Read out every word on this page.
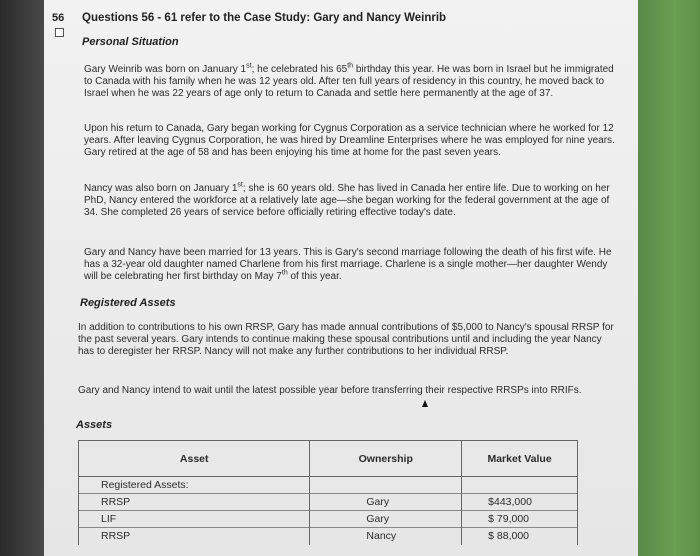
56 Questions 56 - 61 refer to the Case Study: Gary and Nancy Weinrib
Personal Situation
Gary Weinrib was born on January 1st; he celebrated his 65th birthday this year. He was born in Israel but he immigrated to Canada with his family when he was 12 years old. After ten full years of residency in this country, he moved back to Israel when he was 22 years of age only to return to Canada and settle here permanently at the age of 37.
Upon his return to Canada, Gary began working for Cygnus Corporation as a service technician where he worked for 12 years. After leaving Cygnus Corporation, he was hired by Dreamline Enterprises where he was employed for nine years. Gary retired at the age of 58 and has been enjoying his time at home for the past seven years.
Nancy was also born on January 1st; she is 60 years old. She has lived in Canada her entire life. Due to working on her PhD, Nancy entered the workforce at a relatively late age—she began working for the federal government at the age of 34. She completed 26 years of service before officially retiring effective today's date.
Gary and Nancy have been married for 13 years. This is Gary's second marriage following the death of his first wife. He has a 32-year old daughter named Charlene from his first marriage. Charlene is a single mother—her daughter Wendy will be celebrating her first birthday on May 7th of this year.
Registered Assets
In addition to contributions to his own RRSP, Gary has made annual contributions of $5,000 to Nancy's spousal RRSP for the past several years. Gary intends to continue making these spousal contributions until and including the year Nancy has to deregister her RRSP. Nancy will not make any further contributions to her individual RRSP.
Gary and Nancy intend to wait until the latest possible year before transferring their respective RRSPs into RRIFs.
Assets
Asset	Ownership	Market Value
Registered Assets:		
RRSP	Gary	$443,000
LIF	Gary	$ 79,000
RRSP	Nancy	$ 88,000
